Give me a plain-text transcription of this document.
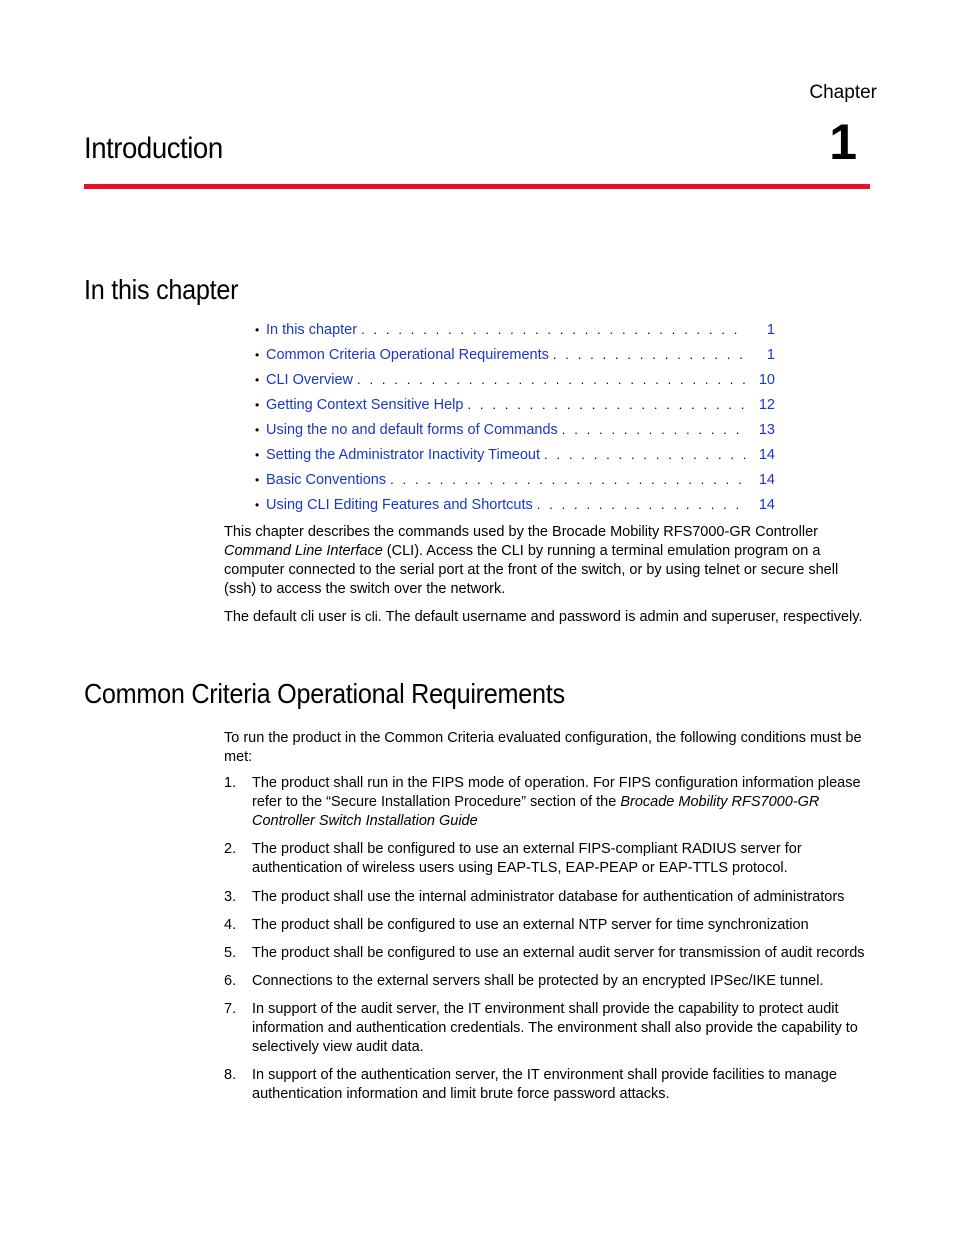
Chapter
1
Introduction
In this chapter
• In this chapter . . .	1
• Common Criteria Operational Requirements . . .	1
• CLI Overview . . .	10
• Getting Context Sensitive Help . . .	12
• Using the no and default forms of Commands . . .	13
• Setting the Administrator Inactivity Timeout . . .	14
• Basic Conventions . . .	14
• Using CLI Editing Features and Shortcuts . . .	14

This chapter describes the commands used by the Brocade Mobility RFS7000-GR Controller Command Line Interface (CLI). Access the CLI by running a terminal emulation program on a computer connected to the serial port at the front of the switch, or by using telnet or secure shell (ssh) to access the switch over the network.

The default cli user is cli. The default username and password is admin and superuser, respectively.

Common Criteria Operational Requirements

To run the product in the Common Criteria evaluated configuration, the following conditions must be met:

1.	The product shall run in the FIPS mode of operation. For FIPS configuration information please refer to the “Secure Installation Procedure” section of the Brocade Mobility RFS7000-GR Controller Switch Installation Guide
2.	The product shall be configured to use an external FIPS-compliant RADIUS server for authentication of wireless users using EAP-TLS, EAP-PEAP or EAP-TTLS protocol.
3.	The product shall use the internal administrator database for authentication of administrators
4.	The product shall be configured to use an external NTP server for time synchronization
5.	The product shall be configured to use an external audit server for transmission of audit records
6.	Connections to the external servers shall be protected by an encrypted IPSec/IKE tunnel.
7.	In support of the audit server, the IT environment shall provide the capability to protect audit information and authentication credentials. The environment shall also provide the capability to selectively view audit data.
8.	In support of the authentication server, the IT environment shall provide facilities to manage authentication information and limit brute force password attacks.
